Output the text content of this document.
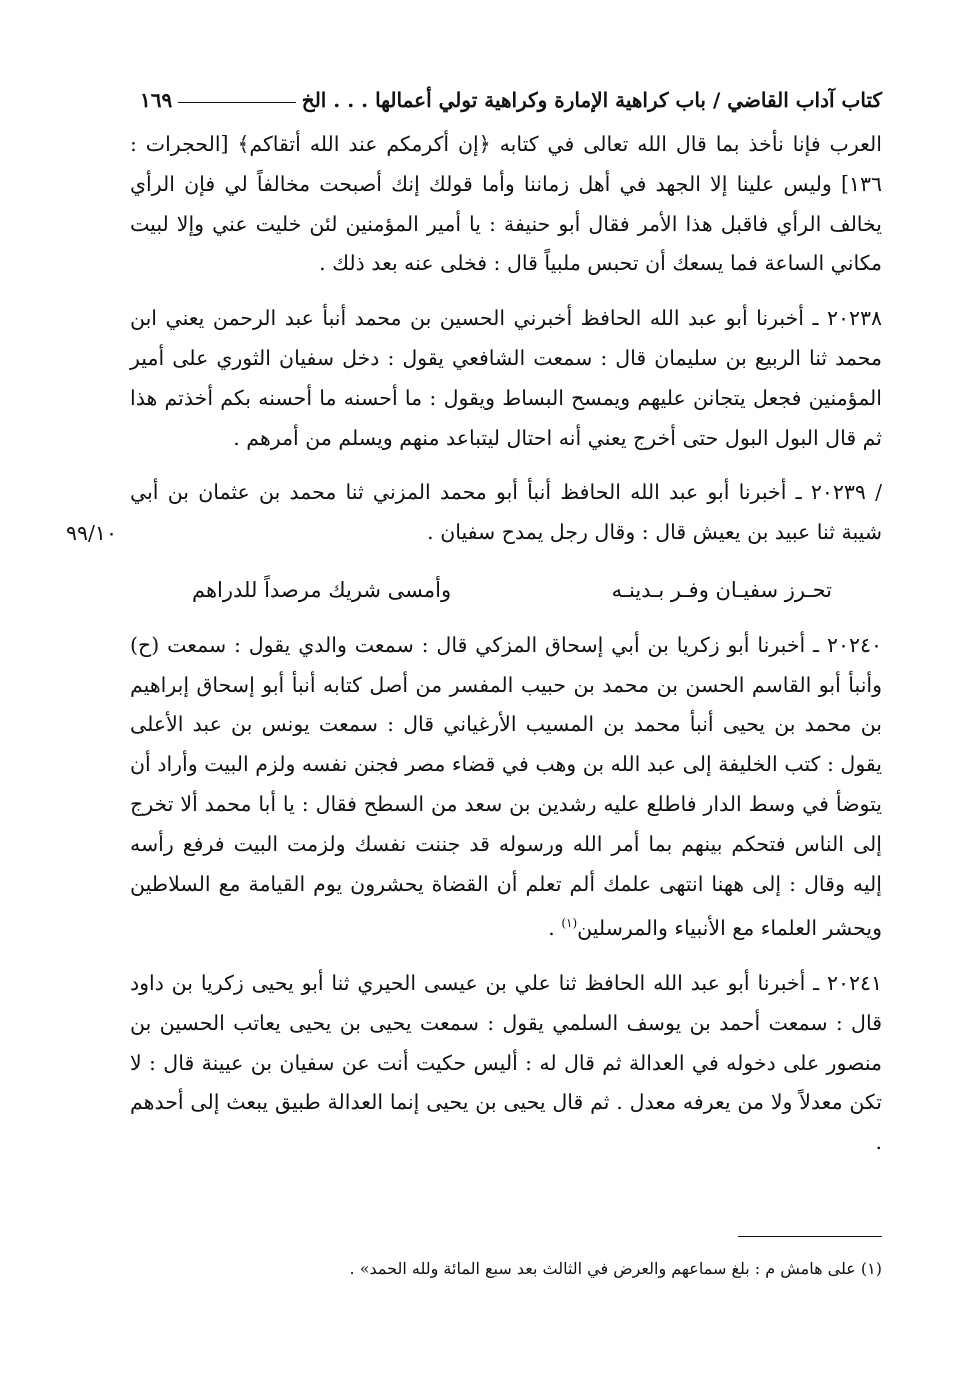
كتاب آداب القاضي / باب كراهية الإمارة وكراهية تولي أعمالها . . . الخ
١٦٩
٩٩/١٠

العرب فإنا نأخذ بما قال الله تعالى في كتابه ﴿إن أكرمكم عند الله أتقاكم﴾ [الحجرات : ١٣٦] وليس علينا إلا الجهد في أهل زماننا وأما قولك إنك أصبحت مخالفاً لي فإن الرأي يخالف الرأي فاقبل هذا الأمر فقال أبو حنيفة : يا أمير المؤمنين لئن خليت عني وإلا لبيت مكاني الساعة فما يسعك أن تحبس ملبياً قال : فخلى عنه بعد ذلك .

٢٠٢٣٨ ـ أخبرنا أبو عبد الله الحافظ أخبرني الحسين بن محمد أنبأ عبد الرحمن يعني ابن محمد ثنا الربيع بن سليمان قال : سمعت الشافعي يقول : دخل سفيان الثوري على أمير المؤمنين فجعل يتجانن عليهم ويمسح البساط ويقول : ما أحسنه ما أحسنه بكم أخذتم هذا ثم قال البول البول حتى أخرج يعني أنه احتال ليتباعد منهم ويسلم من أمرهم .

/ ٢٠٢٣٩ ـ أخبرنا أبو عبد الله الحافظ أنبأ أبو محمد المزني ثنا محمد بن عثمان بن أبي شيبة ثنا عبيد بن يعيش قال : وقال رجل يمدح سفيان .

تحـرز سفيـان وفـر بـدينـه
وأمسى شريك مرصداً للدراهم

٢٠٢٤٠ ـ أخبرنا أبو زكريا بن أبي إسحاق المزكي قال : سمعت والدي يقول : سمعت (ح) وأنبأ أبو القاسم الحسن بن محمد بن حبيب المفسر من أصل كتابه أنبأ أبو إسحاق إبراهيم بن محمد بن يحيى أنبأ محمد بن المسيب الأرغياني قال : سمعت يونس بن عبد الأعلى يقول : كتب الخليفة إلى عبد الله بن وهب في قضاء مصر فجنن نفسه ولزم البيت وأراد أن يتوضأ في وسط الدار فاطلع عليه رشدين بن سعد من السطح فقال : يا أبا محمد ألا تخرج إلى الناس فتحكم بينهم بما أمر الله ورسوله قد جننت نفسك ولزمت البيت فرفع رأسه إليه وقال : إلى ههنا انتهى علمك ألم تعلم أن القضاة يحشرون يوم القيامة مع السلاطين ويحشر العلماء مع الأنبياء والمرسلين$^{(١)}$ .

٢٠٢٤١ ـ أخبرنا أبو عبد الله الحافظ ثنا علي بن عيسى الحيري ثنا أبو يحيى زكريا بن داود قال : سمعت أحمد بن يوسف السلمي يقول : سمعت يحيى بن يحيى يعاتب الحسين بن منصور على دخوله في العدالة ثم قال له : أليس حكيت أنت عن سفيان بن عيينة قال : لا تكن معدلاً ولا من يعرفه معدل . ثم قال يحيى بن يحيى إنما العدالة طبيق يبعث إلى أحدهم .

(١) على هامش م : بلغ سماعهم والعرض في الثالث بعد سبع المائة ولله الحمد» .
